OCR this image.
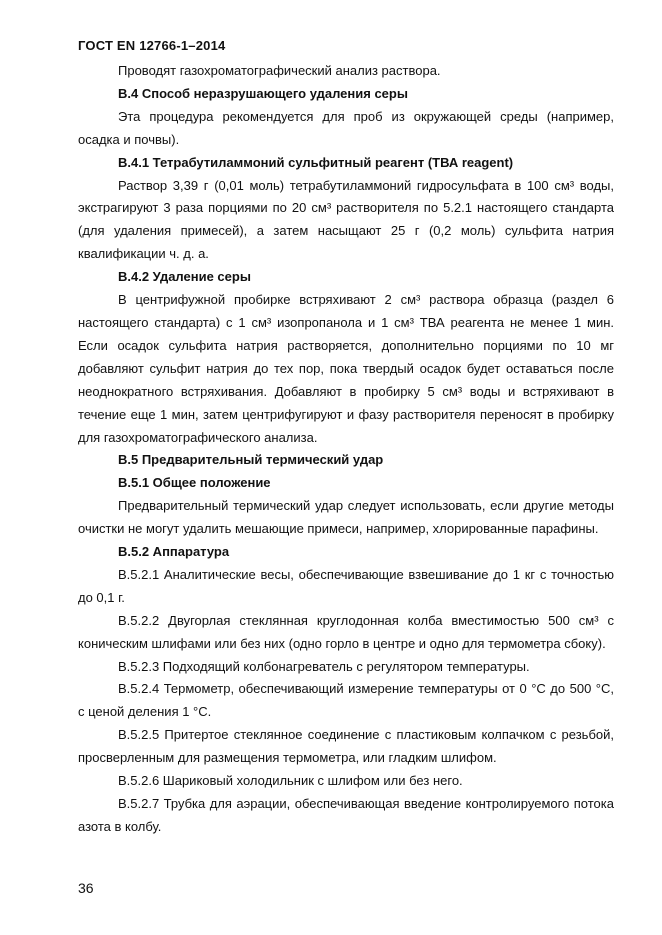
ГОСТ EN 12766-1–2014

Проводят газохроматографический анализ раствора.

В.4 Способ неразрушающего удаления серы

Эта процедура рекомендуется для проб из окружающей среды (например, осадка и почвы).

В.4.1 Тетрабутиламмоний сульфитный реагент (ТВА reagent)

Раствор 3,39 г (0,01 моль) тетрабутиламмоний гидросульфата в 100 см³ воды, экстрагируют 3 раза порциями по 20 см³ растворителя по 5.2.1 настоящего стандарта (для удаления примесей), а затем насыщают 25 г (0,2 моль) сульфита натрия квалификации ч. д. а.

В.4.2 Удаление серы

В центрифужной пробирке встряхивают 2 см³ раствора образца (раздел 6 настоящего стандарта) с 1 см³ изопропанола и 1 см³ ТВА реагента не менее 1 мин. Если осадок сульфита натрия растворяется, дополнительно порциями по 10 мг добавляют сульфит натрия до тех пор, пока твердый осадок будет оставаться после неоднократного встряхивания. Добавляют в пробирку 5 см³ воды и встряхивают в течение еще 1 мин, затем центрифугируют и фазу растворителя переносят в пробирку для газохроматографического анализа.

В.5 Предварительный термический удар

В.5.1 Общее положение

Предварительный термический удар следует использовать, если другие методы очистки не могут удалить мешающие примеси, например, хлорированные парафины.

В.5.2 Аппаратура

В.5.2.1 Аналитические весы, обеспечивающие взвешивание до 1 кг с точностью до 0,1 г.

В.5.2.2 Двугорлая стеклянная круглодонная колба вместимостью 500 см³ с коническим шлифами или без них (одно горло в центре и одно для термометра сбоку).

В.5.2.3 Подходящий колбонагреватель с регулятором температуры.

В.5.2.4 Термометр, обеспечивающий измерение температуры от 0 °C до 500 °C, с ценой деления 1 °C.

В.5.2.5 Притертое стеклянное соединение с пластиковым колпачком с резьбой, просверленным для размещения термометра, или гладким шлифом.

В.5.2.6 Шариковый холодильник с шлифом или без него.

В.5.2.7 Трубка для аэрации, обеспечивающая введение контролируемого потока азота в колбу.

36
